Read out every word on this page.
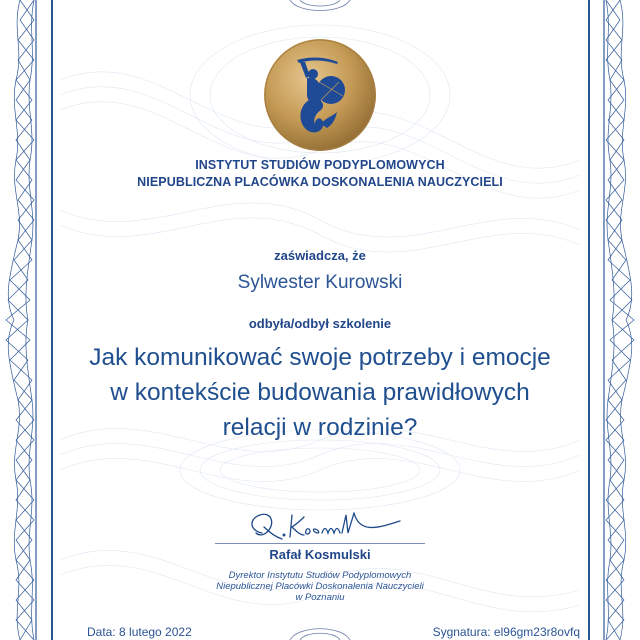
INSTYTUT STUDIÓW PODYPLOMOWYCH
NIEPUBLICZNA PLACÓWKA DOSKONALENIA NAUCZYCIELI
zaświadcza, że
Sylwester Kurowski
odbyła/odbył szkolenie
Jak komunikować swoje potrzeby i emocje
w kontekście budowania prawidłowych
relacji w rodzinie?
Rafał Kosmulski
Dyrektor Instytutu Studiów Podyplomowych
Niepublicznej Placówki Doskonalenia Nauczycieli
w Poznaniu
Data: 8 lutego 2022	Sygnatura: el96gm23r8ovfq
